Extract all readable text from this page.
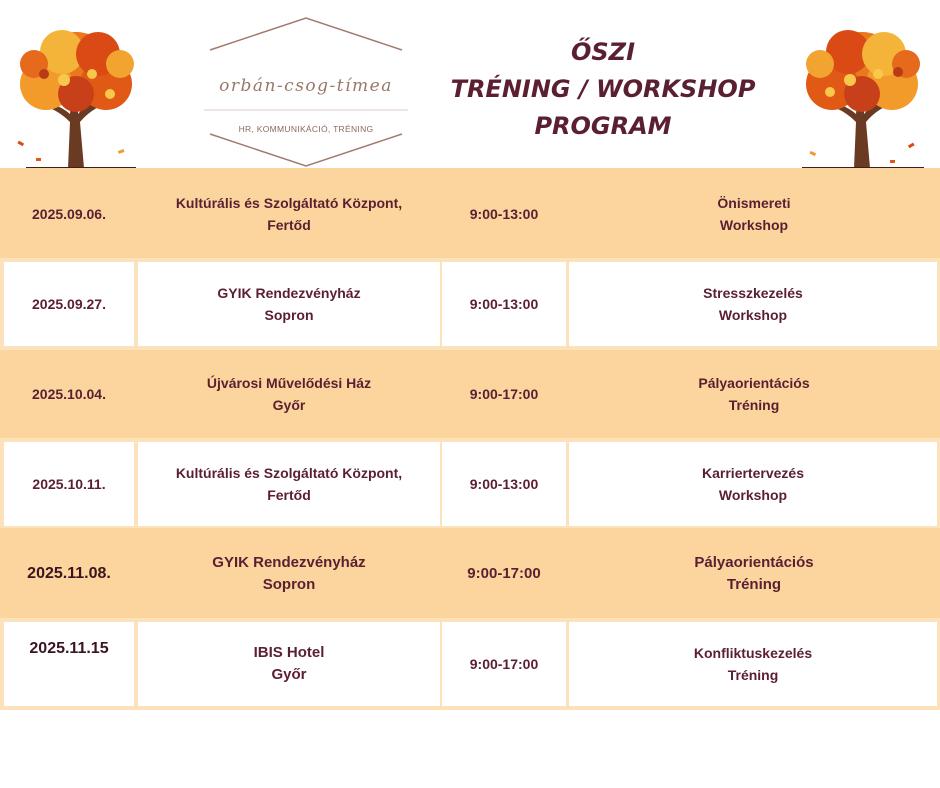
orbán-csog-tímea
HR, KOMMUNIKÁCIÓ, TRÉNING
ŐSZI
TRÉNING / WORKSHOP
PROGRAM
2025.09.06.
Kultúrális és Szolgáltató Központ,
Fertőd
9:00-13:00
Önismereti
Workshop
2025.09.27.
GYIK Rendezvényház
Sopron
9:00-13:00
Stresszkezelés
Workshop
2025.10.04.
Újvárosi Művelődési Ház
Győr
9:00-17:00
Pályaorientációs
Tréning
2025.10.11.
Kultúrális és Szolgáltató Központ,
Fertőd
9:00-13:00
Karriertervezés
Workshop
2025.11.08.
GYIK Rendezvényház
Sopron
9:00-17:00
Pályaorientációs
Tréning
2025.11.15	IBIS Hotel
Győr
9:00-17:00
Konfliktuskezelés
Tréning
